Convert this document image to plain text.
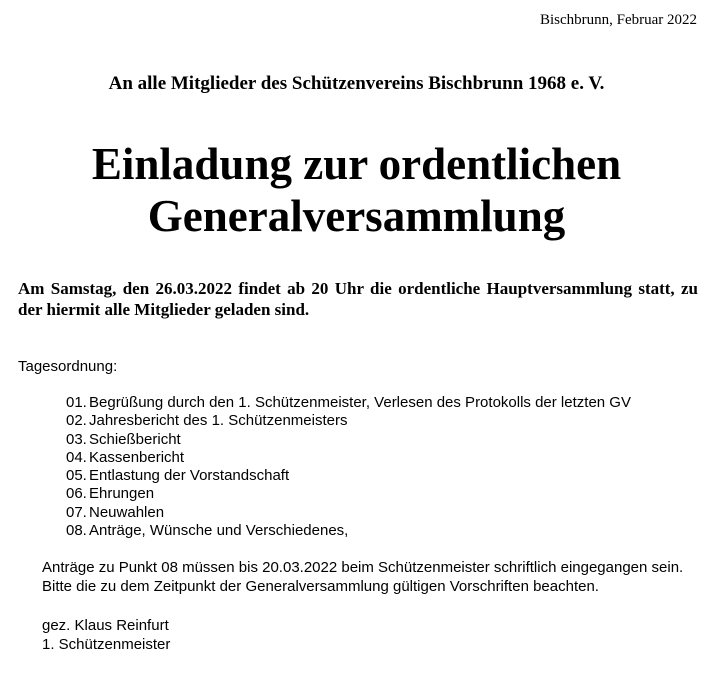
Bischbrunn, Februar 2022
An alle Mitglieder des Schützenvereins Bischbrunn 1968 e. V.
Einladung zur ordentlichen
Generalversammlung

Am Samstag, den 26.03.2022 findet ab 20 Uhr die ordentliche Hauptversammlung statt, zu der hiermit alle Mitglieder geladen sind.

Tagesordnung:
01. Begrüßung durch den 1. Schützenmeister, Verlesen des Protokolls der letzten GV
02. Jahresbericht des 1. Schützenmeisters
03. Schießbericht
04. Kassenbericht
05. Entlastung der Vorstandschaft
06. Ehrungen
07. Neuwahlen
08. Anträge, Wünsche und Verschiedenes,

Anträge zu Punkt 08 müssen bis 20.03.2022 beim Schützenmeister schriftlich eingegangen sein. Bitte die zu dem Zeitpunkt der Generalversammlung gültigen Vorschriften beachten.

gez. Klaus Reinfurt
1. Schützenmeister
